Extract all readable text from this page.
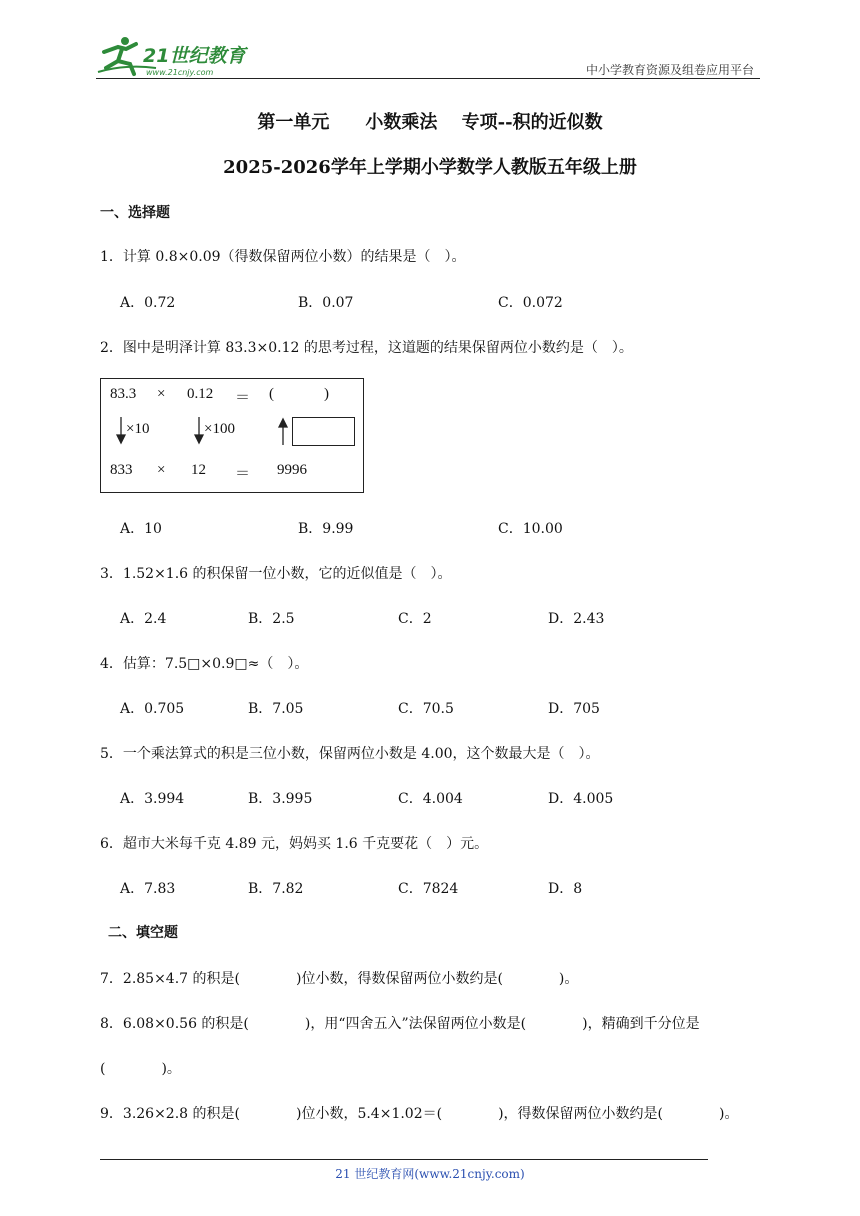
21世纪教育
www.21cnjy.com	中小学教育资源及组卷应用平台
第一单元　　小数乘法　 专项--积的近似数
2025-2026学年上学期小学数学人教版五年级上册
一、选择题
1．计算 0.8×0.09（得数保留两位小数）的结果是（　）。
A．0.72	B．0.07	C．0.072
2．图中是明泽计算 83.3×0.12 的思考过程，这道题的结果保留两位小数约是（　）。
83.3 × 0.12 ＝ (	)
×10	×100
833 × 12 ＝ 9996
A．10	B．9.99	C．10.00
3．1.52×1.6 的积保留一位小数，它的近似值是（　）。
A．2.4	B．2.5	C．2	D．2.43
4．估算：7.5□×0.9□≈（　）。
A．0.705	B．7.05	C．70.5	D．705
5．一个乘法算式的积是三位小数，保留两位小数是 4.00，这个数最大是（　）。
A．3.994	B．3.995	C．4.004	D．4.005
6．超市大米每千克 4.89 元，妈妈买 1.6 千克要花（　）元。
A．7.83	B．7.82	C．7824	D．8
二、填空题
7．2.85×4.7 的积是(　　　　)位小数，得数保留两位小数约是(　　　　)。
8．6.08×0.56 的积是(　　　　)，用“四舍五入”法保留两位小数是(　　　　)，精确到千分位是
(　　　　)。
9．3.26×2.8 的积是(　　　　)位小数，5.4×1.02＝(　　　　)，得数保留两位小数约是(　　　　)。
21 世纪教育网(www.21cnjy.com)
